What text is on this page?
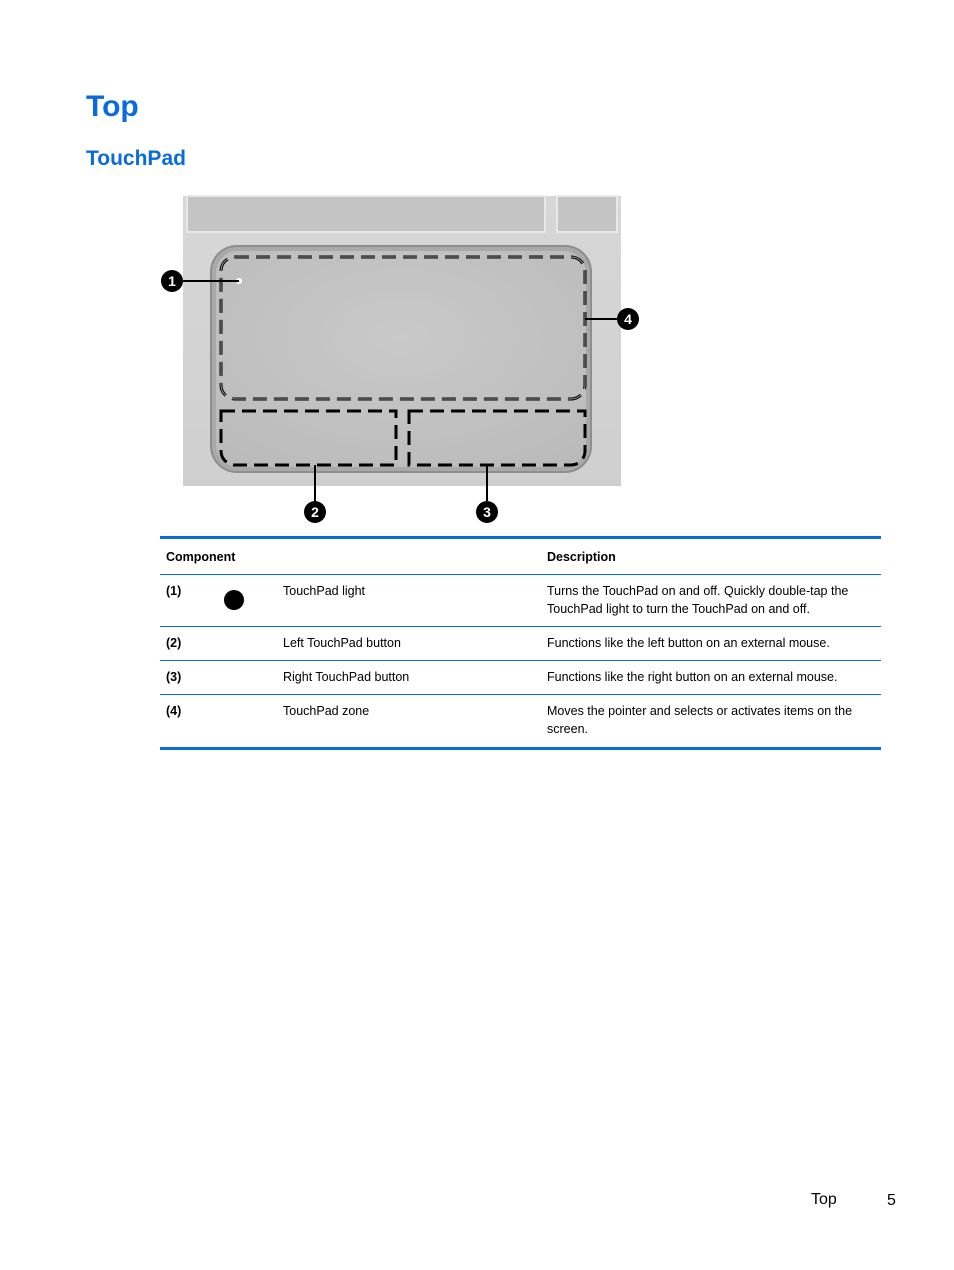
Top
TouchPad
1
4
2	3
Component			Description
(1)		TouchPad light	Turns the TouchPad on and off. Quickly double-tap the TouchPad light to turn the TouchPad on and off.
(2)		Left TouchPad button	Functions like the left button on an external mouse.
(3)		Right TouchPad button	Functions like the right button on an external mouse.
(4)		TouchPad zone	Moves the pointer and selects or activates items on the screen.
Top	5
